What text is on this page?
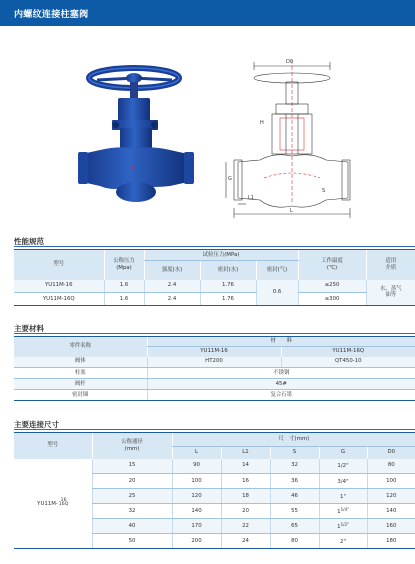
内螺纹连接柱塞阀
✦
D0
H
G
L1
L
S
性能规范
型号	公称压力
(Mpa)	试验压力(MPa)			工作温度
(℃)	适用
介质
		强度(水)	密封(水)	密封(气)		
YU11M-16	1.6	2.4	1.76	0.6	≤250	水、蒸气
油等
YU11M-16Q	1.6	2.4	1.76		≤300	
主要材料
零件名称	材　　料	
	YU11M-16	YU11M-16Q
阀体	HT200	QT450-10
柱塞	不锈钢	
阀杆	45#	
密封圈	复合石墨	
主要连接尺寸
型号	公称通径
(mm)	尺　寸(mm)				
		L	L1	S	G	D0
YU11M-
16
16Q	15	90	14	32	1/2"	80
	20	100	16	36	3/4"	100
	25	120	18	46	1"	120
	32	140	20	55	$1^{1/4"}$	140
	40	170	22	65	$1^{1/2"}$	160
	50	200	24	80	2"	180
